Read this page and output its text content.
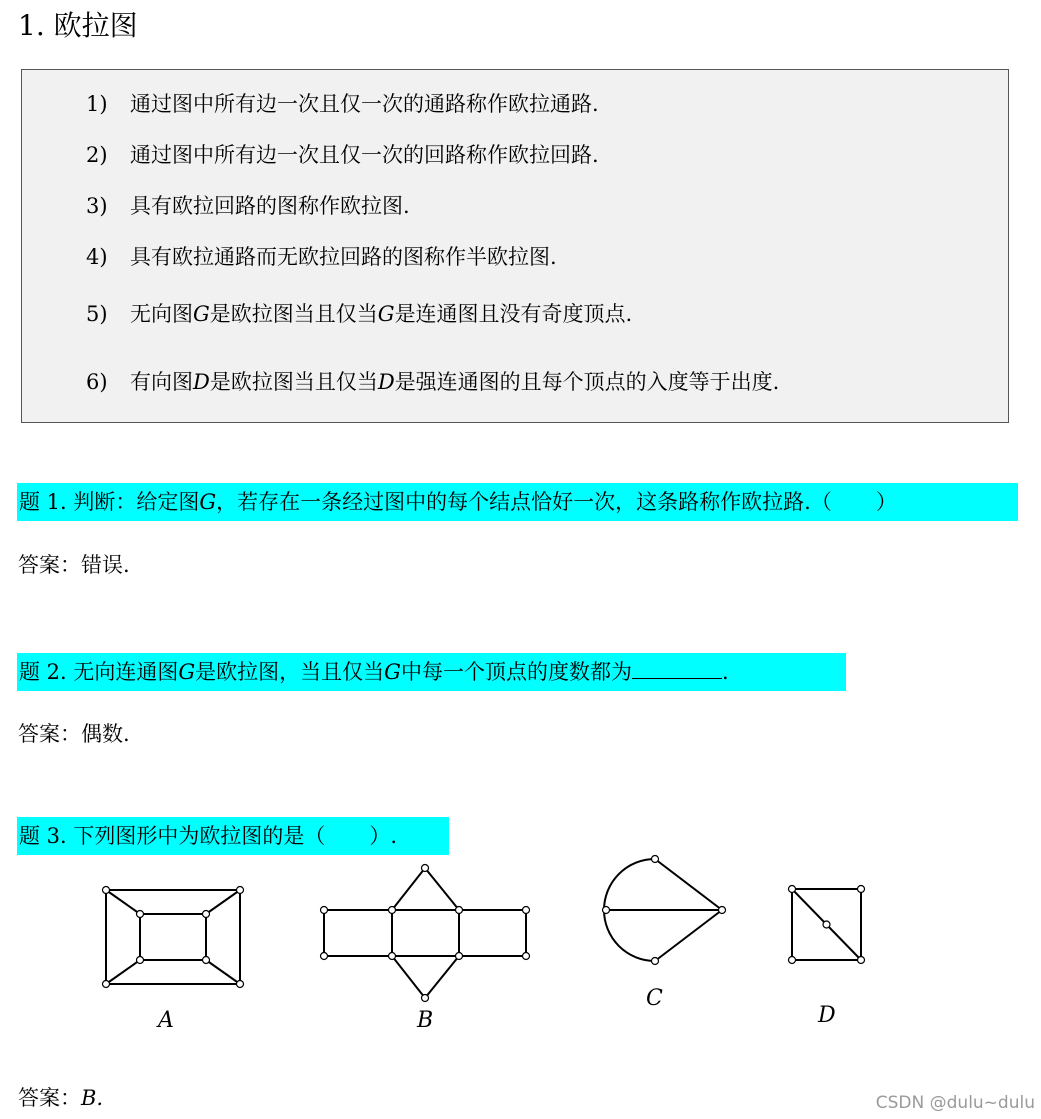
1. 欧拉图
1) 通过图中所有边一次且仅一次的通路称作欧拉通路.
2) 通过图中所有边一次且仅一次的回路称作欧拉回路.
3) 具有欧拉回路的图称作欧拉图.
4) 具有欧拉通路而无欧拉回路的图称作半欧拉图.
5) 无向图G是欧拉图当且仅当G是连通图且没有奇度顶点.
6) 有向图D是欧拉图当且仅当D是强连通图的且每个顶点的入度等于出度.
题 1. 判断：给定图G，若存在一条经过图中的每个结点恰好一次，这条路称作欧拉路.（ ）
答案：错误.
题 2. 无向连通图G是欧拉图，当且仅当G中每一个顶点的度数都为	.
答案：偶数.
题 3. 下列图形中为欧拉图的是（ ）.
A	B
C
D
答案：B.	CSDN @dulu~dulu
